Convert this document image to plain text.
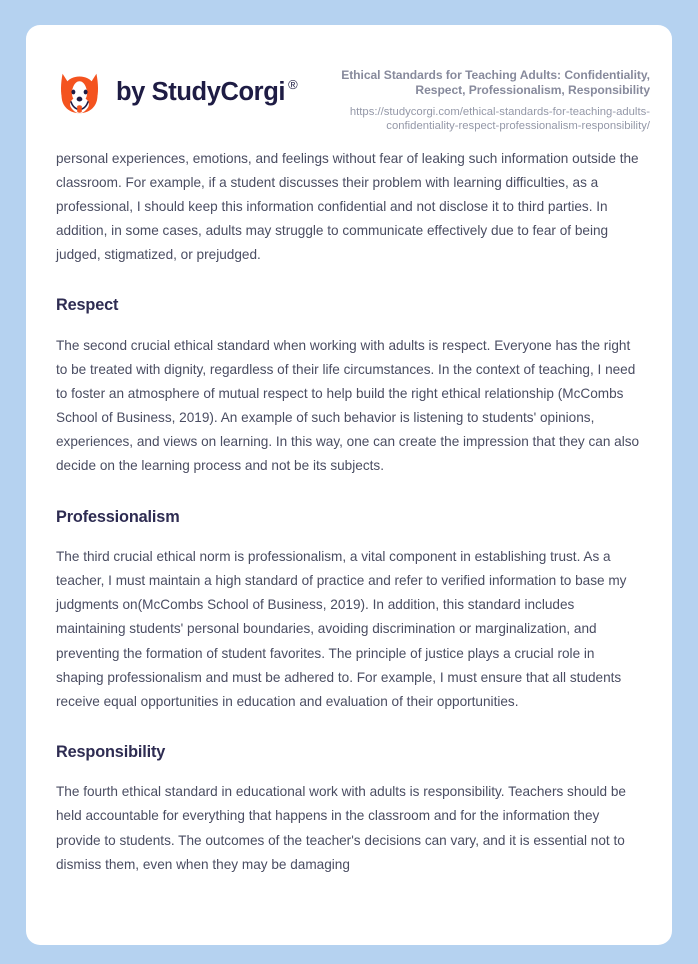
by StudyCorgi ®
Ethical Standards for Teaching Adults: Confidentiality, Respect, Professionalism, Responsibility
https://studycorgi.com/ethical-standards-for-teaching-adults-confidentiality-respect-professionalism-responsibility/

personal experiences, emotions, and feelings without fear of leaking such information outside the classroom. For example, if a student discusses their problem with learning difficulties, as a professional, I should keep this information confidential and not disclose it to third parties. In addition, in some cases, adults may struggle to communicate effectively due to fear of being judged, stigmatized, or prejudged.

Respect

The second crucial ethical standard when working with adults is respect. Everyone has the right to be treated with dignity, regardless of their life circumstances. In the context of teaching, I need to foster an atmosphere of mutual respect to help build the right ethical relationship (McCombs School of Business, 2019). An example of such behavior is listening to students' opinions, experiences, and views on learning. In this way, one can create the impression that they can also decide on the learning process and not be its subjects.

Professionalism

The third crucial ethical norm is professionalism, a vital component in establishing trust. As a teacher, I must maintain a high standard of practice and refer to verified information to base my judgments on(McCombs School of Business, 2019). In addition, this standard includes maintaining students' personal boundaries, avoiding discrimination or marginalization, and preventing the formation of student favorites. The principle of justice plays a crucial role in shaping professionalism and must be adhered to. For example, I must ensure that all students receive equal opportunities in education and evaluation of their opportunities.

Responsibility

The fourth ethical standard in educational work with adults is responsibility. Teachers should be held accountable for everything that happens in the classroom and for the information they provide to students. The outcomes of the teacher's decisions can vary, and it is essential not to dismiss them, even when they may be damaging
